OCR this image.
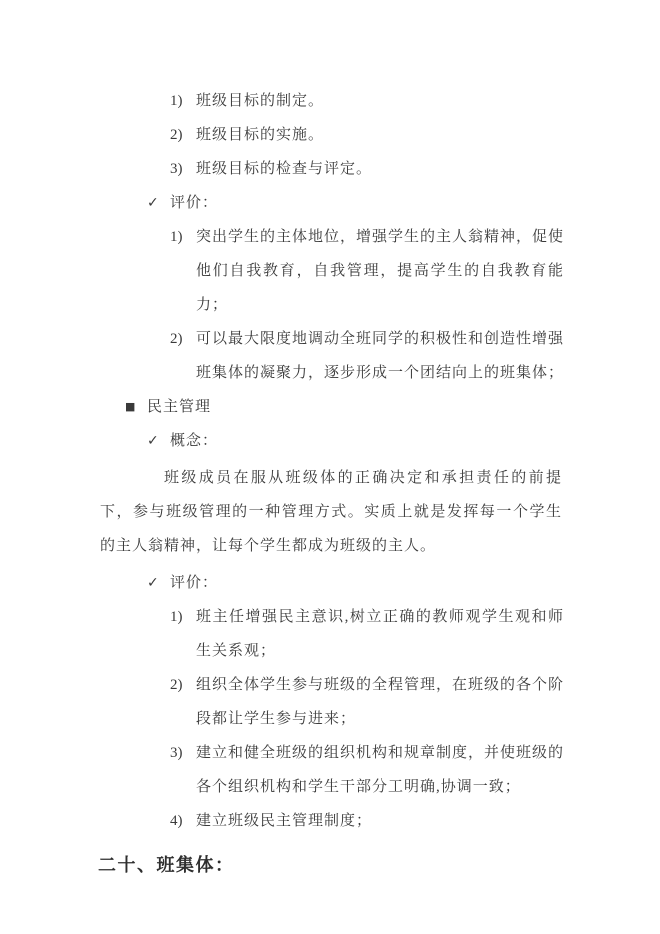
1) 班级目标的制定。
2) 班级目标的实施。
3) 班级目标的检查与评定。
✓ 评价：
1) 突出学生的主体地位，增强学生的主人翁精神，促使他们自我教育，自我管理，提高学生的自我教育能力；
2) 可以最大限度地调动全班同学的积极性和创造性增强班集体的凝聚力，逐步形成一个团结向上的班集体；
■ 民主管理
✓ 概念：
班级成员在服从班级体的正确决定和承担责任的前提下，参与班级管理的一种管理方式。实质上就是发挥每一个学生的主人翁精神，让每个学生都成为班级的主人。
✓ 评价：
1) 班主任增强民主意识,树立正确的教师观学生观和师生关系观；
2) 组织全体学生参与班级的全程管理，在班级的各个阶段都让学生参与进来；
3) 建立和健全班级的组织机构和规章制度，并使班级的各个组织机构和学生干部分工明确,协调一致；
4) 建立班级民主管理制度；
二十、班集体：
